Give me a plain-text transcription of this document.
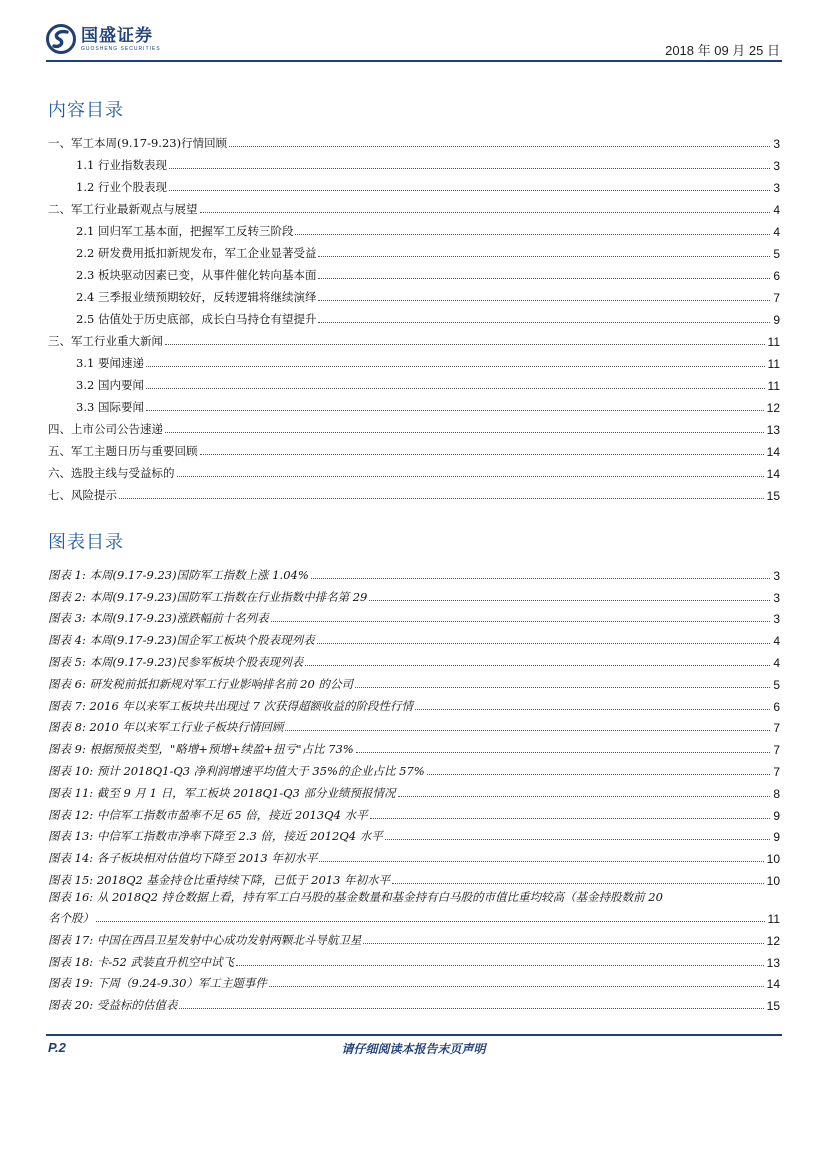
国盛证券
GUOSHENG SECURITIES	2018 年 09 月 25 日
内容目录
一、军工本周(9.17-9.23)行情回顾	3
1.1 行业指数表现	3
1.2 行业个股表现	3
二、军工行业最新观点与展望	4
2.1 回归军工基本面，把握军工反转三阶段	4
2.2 研发费用抵扣新规发布，军工企业显著受益	5
2.3 板块驱动因素已变，从事件催化转向基本面	6
2.4 三季报业绩预期较好，反转逻辑将继续演绎	7
2.5 估值处于历史底部，成长白马持仓有望提升	9
三、军工行业重大新闻	11
3.1 要闻速递	11
3.2 国内要闻	11
3.3 国际要闻	12
四、上市公司公告速递	13
五、军工主题日历与重要回顾	14
六、选股主线与受益标的	14
七、风险提示	15
图表目录
图表 1: 本周(9.17-9.23)国防军工指数上涨 1.04%	3
图表 2: 本周(9.17-9.23)国防军工指数在行业指数中排名第 29	3
图表 3: 本周(9.17-9.23)涨跌幅前十名列表	3
图表 4: 本周(9.17-9.23)国企军工板块个股表现列表	4
图表 5: 本周(9.17-9.23)民参军板块个股表现列表	4
图表 6: 研发税前抵扣新规对军工行业影响排名前 20 的公司	5
图表 7: 2016 年以来军工板块共出现过 7 次获得超额收益的阶段性行情	6
图表 8: 2010 年以来军工行业子板块行情回顾	7
图表 9: 根据预报类型，"略增+预增+续盈+扭亏"占比 73%	7
图表 10: 预计 2018Q1-Q3 净利润增速平均值大于 35%的企业占比 57%	7
图表 11: 截至 9 月 1 日，军工板块 2018Q1-Q3 部分业绩预报情况	8
图表 12: 中信军工指数市盈率不足 65 倍，接近 2013Q4 水平	9
图表 13: 中信军工指数市净率下降至 2.3 倍，接近 2012Q4 水平	9
图表 14: 各子板块相对估值均下降至 2013 年初水平	10
图表 15: 2018Q2 基金持仓比重持续下降，已低于 2013 年初水平	10
图表 16: 从 2018Q2 持仓数据上看，持有军工白马股的基金数量和基金持有白马股的市值比重均较高（基金持股数前 20
名个股）	11
图表 17: 中国在西昌卫星发射中心成功发射两颗北斗导航卫星	12
图表 18: 卡-52 武装直升机空中试飞	13
图表 19: 下周（9.24-9.30）军工主题事件	14
图表 20: 受益标的估值表	15
P.2	请仔细阅读本报告末页声明
